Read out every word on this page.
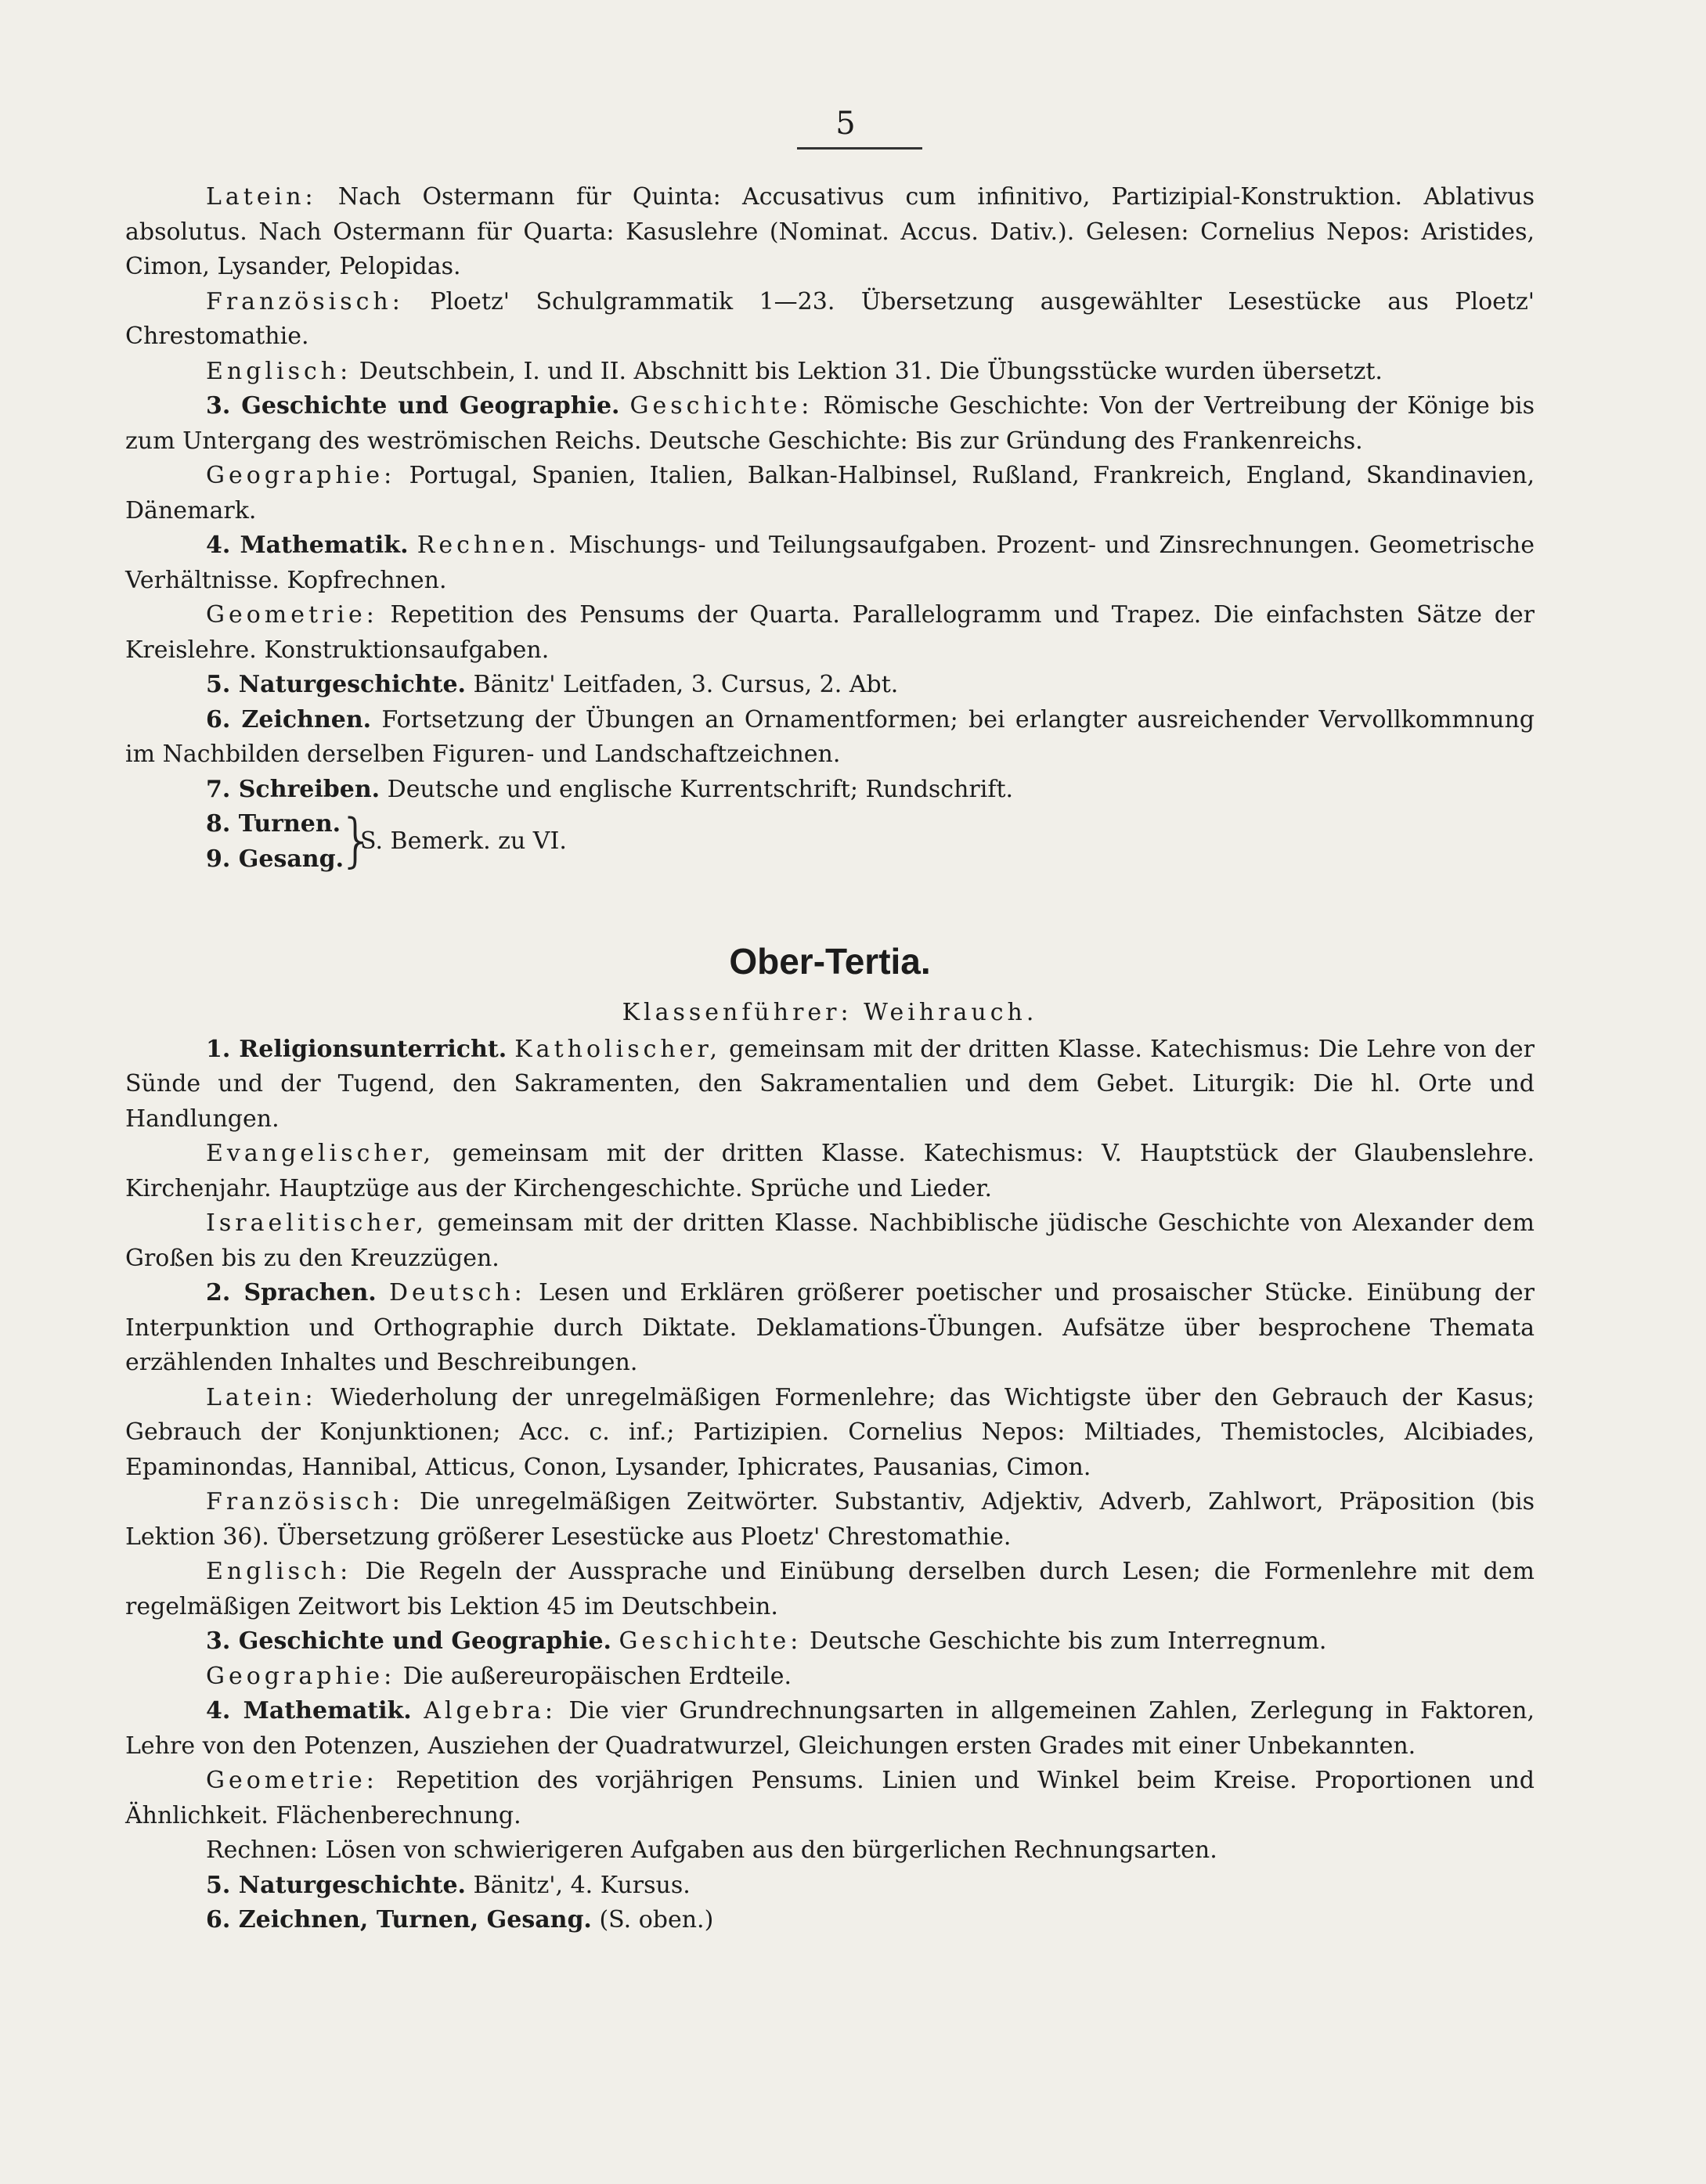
5

Latein: Nach Ostermann für Quinta: Accusativus cum infinitivo, Partizipial-Konstruktion. Ablativus absolutus. Nach Ostermann für Quarta: Kasuslehre (Nominat. Accus. Dativ.). Gelesen: Cornelius Nepos: Aristides, Cimon, Lysander, Pelopidas.

Französisch: Ploetz' Schulgrammatik 1—23. Übersetzung ausgewählter Lesestücke aus Ploetz' Chrestomathie.

Englisch: Deutschbein, I. und II. Abschnitt bis Lektion 31. Die Übungsstücke wurden übersetzt.

3. Geschichte und Geographie. Geschichte: Römische Geschichte: Von der Vertreibung der Könige bis zum Untergang des weströmischen Reichs. Deutsche Geschichte: Bis zur Gründung des Frankenreichs.

Geographie: Portugal, Spanien, Italien, Balkan-Halbinsel, Rußland, Frankreich, England, Skandinavien, Dänemark.

4. Mathematik. Rechnen. Mischungs- und Teilungsaufgaben. Prozent- und Zinsrechnungen. Geometrische Verhältnisse. Kopfrechnen.

Geometrie: Repetition des Pensums der Quarta. Parallelogramm und Trapez. Die einfachsten Sätze der Kreislehre. Konstruktionsaufgaben.

5. Naturgeschichte. Bänitz' Leitfaden, 3. Cursus, 2. Abt.

6. Zeichnen. Fortsetzung der Übungen an Ornamentformen; bei erlangter ausreichender Vervollkommnung im Nachbilden derselben Figuren- und Landschaftzeichnen.

7. Schreiben. Deutsche und englische Kurrentschrift; Rundschrift.

8. Turnen.
9. Gesang.
}
S. Bemerk. zu VI.
Ober-Tertia.
Klassenführer: Weihrauch.

1. Religionsunterricht. Katholischer, gemeinsam mit der dritten Klasse. Katechismus: Die Lehre von der Sünde und der Tugend, den Sakramenten, den Sakramentalien und dem Gebet. Liturgik: Die hl. Orte und Handlungen.

Evangelischer, gemeinsam mit der dritten Klasse. Katechismus: V. Hauptstück der Glaubenslehre. Kirchenjahr. Hauptzüge aus der Kirchengeschichte. Sprüche und Lieder.

Israelitischer, gemeinsam mit der dritten Klasse. Nachbiblische jüdische Geschichte von Alexander dem Großen bis zu den Kreuzzügen.

2. Sprachen. Deutsch: Lesen und Erklären größerer poetischer und prosaischer Stücke. Einübung der Interpunktion und Orthographie durch Diktate. Deklamations-Übungen. Aufsätze über besprochene Themata erzählenden Inhaltes und Beschreibungen.

Latein: Wiederholung der unregelmäßigen Formenlehre; das Wichtigste über den Gebrauch der Kasus; Gebrauch der Konjunktionen; Acc. c. inf.; Partizipien. Cornelius Nepos: Miltiades, Themistocles, Alcibiades, Epaminondas, Hannibal, Atticus, Conon, Lysander, Iphicrates, Pausanias, Cimon.

Französisch: Die unregelmäßigen Zeitwörter. Substantiv, Adjektiv, Adverb, Zahlwort, Präposition (bis Lektion 36). Übersetzung größerer Lesestücke aus Ploetz' Chrestomathie.

Englisch: Die Regeln der Aussprache und Einübung derselben durch Lesen; die Formenlehre mit dem regelmäßigen Zeitwort bis Lektion 45 im Deutschbein.

3. Geschichte und Geographie. Geschichte: Deutsche Geschichte bis zum Interregnum.

Geographie: Die außereuropäischen Erdteile.

4. Mathematik. Algebra: Die vier Grundrechnungsarten in allgemeinen Zahlen, Zerlegung in Faktoren, Lehre von den Potenzen, Ausziehen der Quadratwurzel, Gleichungen ersten Grades mit einer Unbekannten.

Geometrie: Repetition des vorjährigen Pensums. Linien und Winkel beim Kreise. Proportionen und Ähnlichkeit. Flächenberechnung.

Rechnen: Lösen von schwierigeren Aufgaben aus den bürgerlichen Rechnungsarten.

5. Naturgeschichte. Bänitz', 4. Kursus.

6. Zeichnen, Turnen, Gesang. (S. oben.)
